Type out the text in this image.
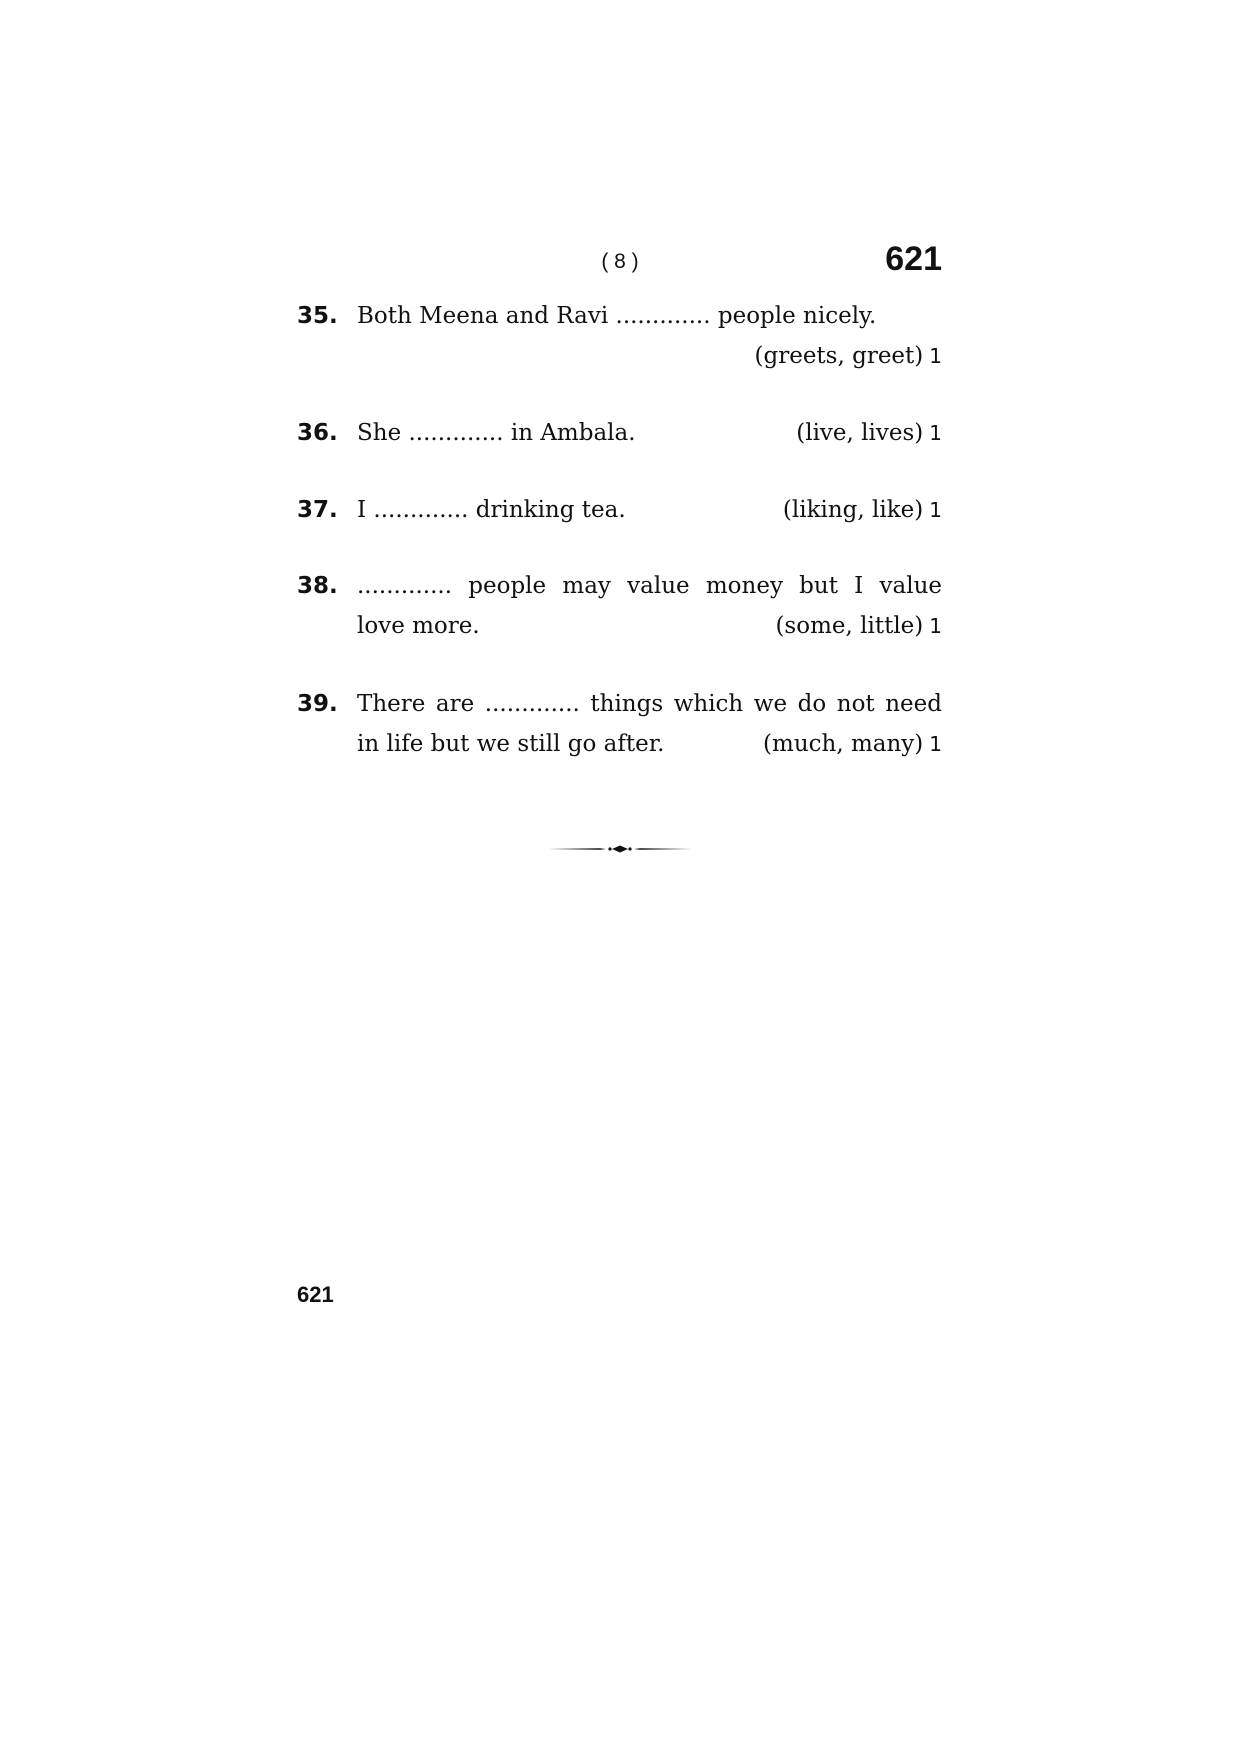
( 8 )	621
35. Both Meena and Ravi ............. people nicely.
(greets, greet) 1
36. She ............. in Ambala.	(live, lives) 1
37. I ............. drinking tea.	(liking, like) 1
38. ............. people may value money but I value
love more.	(some, little) 1
39. There are ............. things which we do not need
in life but we still go after.	(much, many) 1
621
